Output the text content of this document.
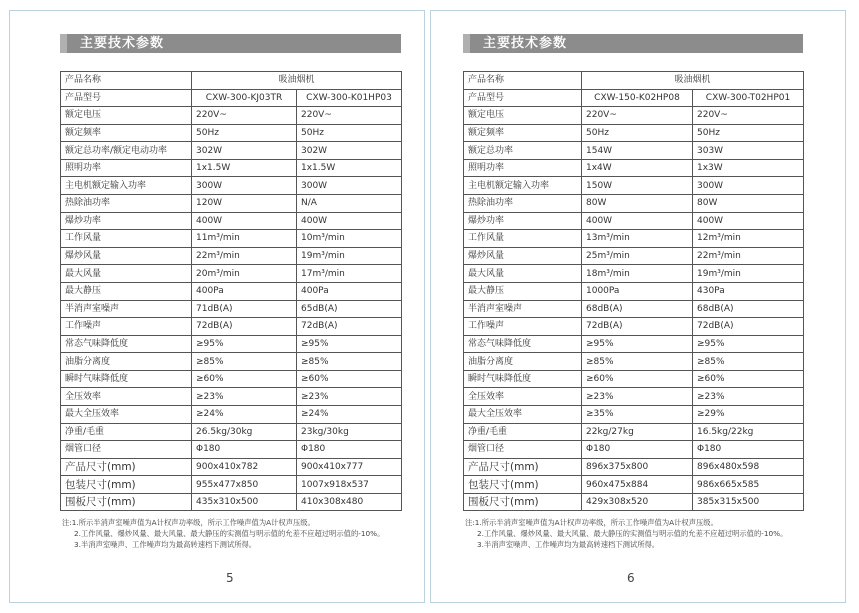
主要技术参数
产品名称	吸油烟机	
产品型号	CXW-300-KJ03TR	CXW-300-K01HP03
额定电压	220V~	220V~
额定频率	50Hz	50Hz
额定总功率/额定电动功率	302W	302W
照明功率	1x1.5W	1x1.5W
主电机额定输入功率	300W	300W
热除油功率	120W	N/A
爆炒功率	400W	400W
工作风量	11m³/min	10m³/min
爆炒风量	22m³/min	19m³/min
最大风量	20m³/min	17m³/min
最大静压	400Pa	400Pa
半消声室噪声	71dB(A)	65dB(A)
工作噪声	72dB(A)	72dB(A)
常态气味降低度	≥95%	≥95%
油脂分离度	≥85%	≥85%
瞬时气味降低度	≥60%	≥60%
全压效率	≥23%	≥23%
最大全压效率	≥24%	≥24%
净重/毛重	26.5kg/30kg	23kg/30kg
烟管口径	Φ180	Φ180
产品尺寸(mm)	900x410x782	900x410x777
包装尺寸(mm)	955x477x850	1007x918x537
围板尺寸(mm)	435x310x500	410x308x480
注:1.所示半消声室噪声值为A计权声功率级，所示工作噪声值为A计权声压级。
2.工作风量、爆炒风量、最大风量、最大静压的实测值与明示值的允差不应超过明示值的-10%。
3.半消声室噪声、工作噪声均为最高转速档下测试所得。
5
主要技术参数
产品名称	吸油烟机	
产品型号	CXW-150-K02HP08	CXW-300-T02HP01
额定电压	220V~	220V~
额定频率	50Hz	50Hz
额定总功率	154W	303W
照明功率	1x4W	1x3W
主电机额定输入功率	150W	300W
热除油功率	80W	80W
爆炒功率	400W	400W
工作风量	13m³/min	12m³/min
爆炒风量	25m³/min	22m³/min
最大风量	18m³/min	19m³/min
最大静压	1000Pa	430Pa
半消声室噪声	68dB(A)	68dB(A)
工作噪声	72dB(A)	72dB(A)
常态气味降低度	≥95%	≥95%
油脂分离度	≥85%	≥85%
瞬时气味降低度	≥60%	≥60%
全压效率	≥23%	≥23%
最大全压效率	≥35%	≥29%
净重/毛重	22kg/27kg	16.5kg/22kg
烟管口径	Φ180	Φ180
产品尺寸(mm)	896x375x800	896x480x598
包装尺寸(mm)	960x475x884	986x665x585
围板尺寸(mm)	429x308x520	385x315x500
注:1.所示半消声室噪声值为A计权声功率级，所示工作噪声值为A计权声压级。
2.工作风量、爆炒风量、最大风量、最大静压的实测值与明示值的允差不应超过明示值的-10%。
3.半消声室噪声、工作噪声均为最高转速档下测试所得。
6
